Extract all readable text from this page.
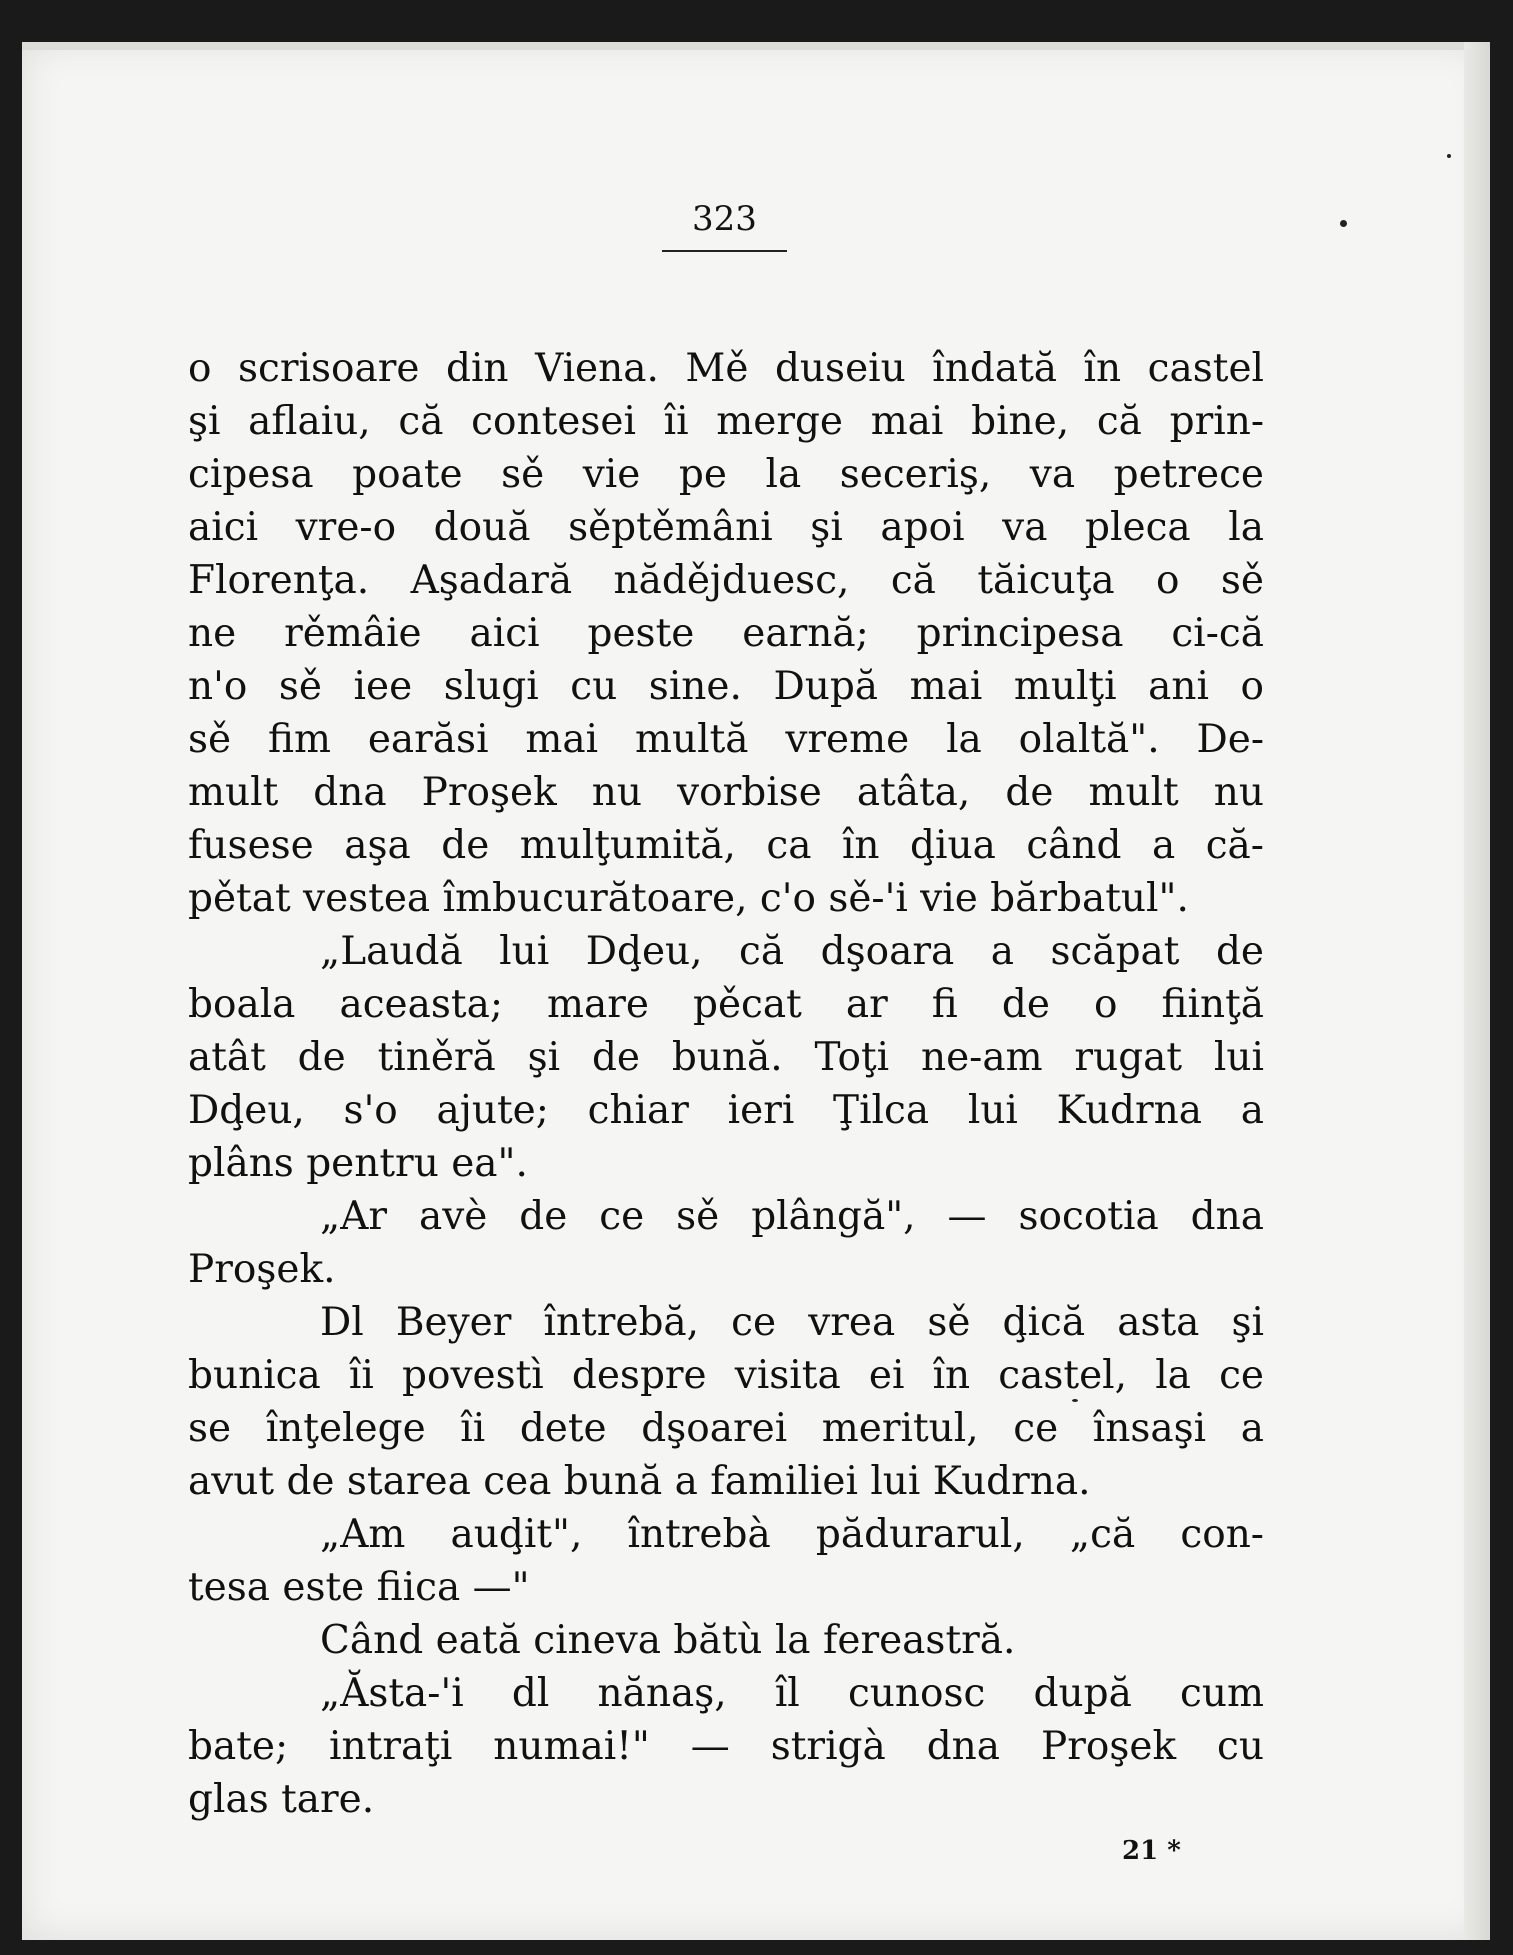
323
o scrisoare din Viena. Mě duseiu îndată în castel
şi aflaiu, că contesei îi merge mai bine, că prin-
cipesa poate sě vie pe la seceriş, va petrece
aici vre-o două sěptěmâni şi apoi va pleca la
Florenţa. Aşadară nădějduesc, că tăicuţa o sě
ne rěmâie aici peste earnă; principesa ci-că
n'o sě iee slugi cu sine. După mai mulţi ani o
sě fim earăsi mai multă vreme la olaltă". De-
mult dna Proşek nu vorbise atâta, de mult nu
fusese aşa de mulţumită, ca în ḑiua când a că-
pětat vestea îmbucurătoare, c'o sě-'i vie bărbatul".
„Laudă lui Dḑeu, că dşoara a scăpat de
boala aceasta; mare pěcat ar fi de o fiinţă
atât de tiněră şi de bună. Toţi ne-am rugat lui
Dḑeu, s'o ajute; chiar ieri Ţilca lui Kudrna a
plâns pentru ea".
„Ar avè de ce sě plângă", — socotia dna
Proşek.
Dl Beyer întrebă, ce vrea sě ḑică asta şi
bunica îi povestì despre visita ei în castel, la ce
se înţelege îi dete dşoarei meritul, ce însaşi a
avut de starea cea bună a familiei lui Kudrna.
„Am auḑit", întrebà pădurarul, „că con-
tesa este fiica —"
Când eată cineva bătù la fereastră.
„Ăsta-'i dl nănaş, îl cunosc după cum
bate; intraţi numai!" — strigà dna Proşek cu
glas tare.
21 *
